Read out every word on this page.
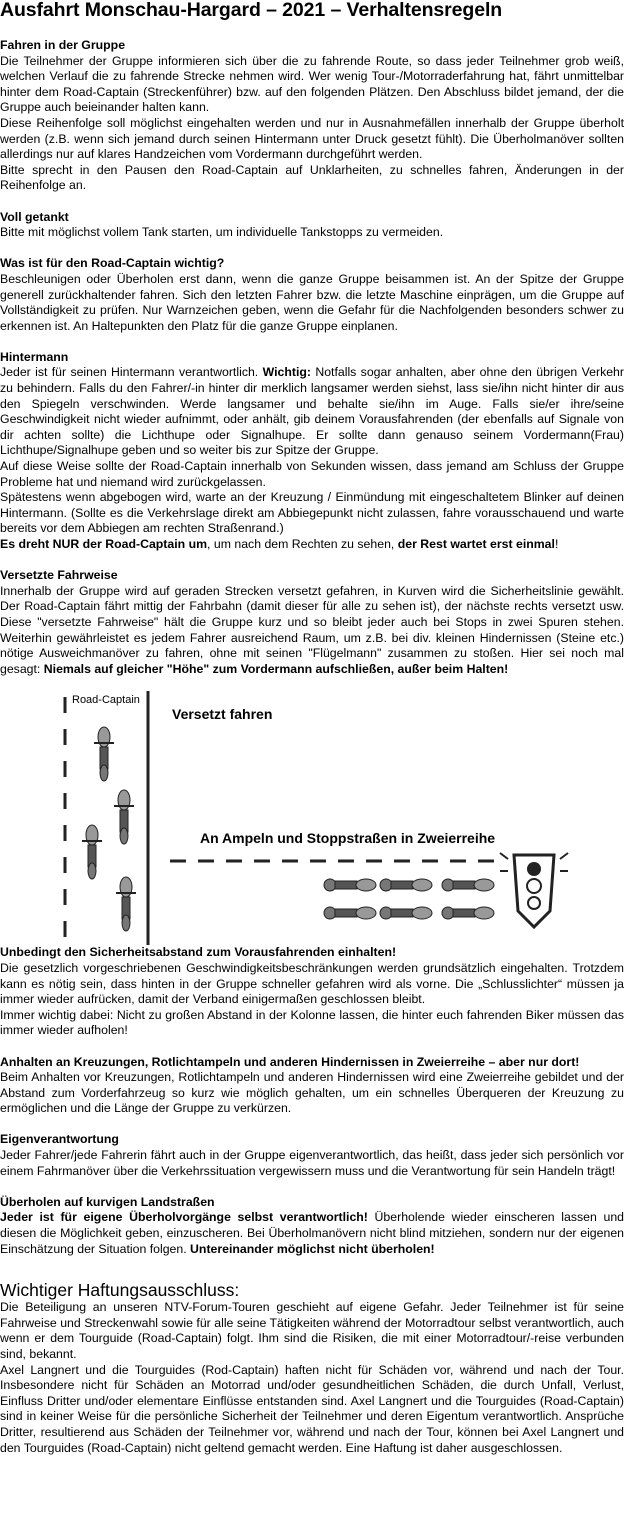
Ausfahrt Monschau-Hargard – 2021 – Verhaltensregeln
Fahren in der Gruppe

Die Teilnehmer der Gruppe informieren sich über die zu fahrende Route, so dass jeder Teilnehmer grob weiß, welchen Verlauf die zu fahrende Strecke nehmen wird. Wer wenig Tour-/Motorraderfahrung hat, fährt unmittelbar hinter dem Road-Captain (Streckenführer) bzw. auf den folgenden Plätzen. Den Abschluss bildet jemand, der die Gruppe auch beieinander halten kann.

Diese Reihenfolge soll möglichst eingehalten werden und nur in Ausnahmefällen innerhalb der Gruppe überholt werden (z.B. wenn sich jemand durch seinen Hintermann unter Druck gesetzt fühlt). Die Überholmanöver sollten allerdings nur auf klares Handzeichen vom Vordermann durchgeführt werden.

Bitte sprecht in den Pausen den Road-Captain auf Unklarheiten, zu schnelles fahren, Änderungen in der Reihenfolge an.

Voll getankt

Bitte mit möglichst vollem Tank starten, um individuelle Tankstopps zu vermeiden.

Was ist für den Road-Captain wichtig?

Beschleunigen oder Überholen erst dann, wenn die ganze Gruppe beisammen ist. An der Spitze der Gruppe generell zurückhaltender fahren. Sich den letzten Fahrer bzw. die letzte Maschine einprägen, um die Gruppe auf Vollständigkeit zu prüfen. Nur Warnzeichen geben, wenn die Gefahr für die Nachfolgenden besonders schwer zu erkennen ist. An Haltepunkten den Platz für die ganze Gruppe einplanen.

Hintermann

Jeder ist für seinen Hintermann verantwortlich. Wichtig: Notfalls sogar anhalten, aber ohne den übrigen Verkehr zu behindern. Falls du den Fahrer/-in hinter dir merklich langsamer werden siehst, lass sie/ihn nicht hinter dir aus den Spiegeln verschwinden. Werde langsamer und behalte sie/ihn im Auge. Falls sie/er ihre/seine Geschwindigkeit nicht wieder aufnimmt, oder anhält, gib deinem Vorausfahrenden (der ebenfalls auf Signale von dir achten sollte) die Lichthupe oder Signalhupe. Er sollte dann genauso seinem Vordermann(Frau) Lichthupe/Signalhupe geben und so weiter bis zur Spitze der Gruppe.

Auf diese Weise sollte der Road-Captain innerhalb von Sekunden wissen, dass jemand am Schluss der Gruppe Probleme hat und niemand wird zurückgelassen.

Spätestens wenn abgebogen wird, warte an der Kreuzung / Einmündung mit eingeschaltetem Blinker auf deinen Hintermann. (Sollte es die Verkehrslage direkt am Abbiegepunkt nicht zulassen, fahre vorausschauend und warte bereits vor dem Abbiegen am rechten Straßenrand.)

Es dreht NUR der Road-Captain um, um nach dem Rechten zu sehen, der Rest wartet erst einmal!

Versetzte Fahrweise

Innerhalb der Gruppe wird auf geraden Strecken versetzt gefahren, in Kurven wird die Sicherheitslinie gewählt. Der Road-Captain fährt mittig der Fahrbahn (damit dieser für alle zu sehen ist), der nächste rechts versetzt usw. Diese "versetzte Fahrweise" hält die Gruppe kurz und so bleibt jeder auch bei Stops in zwei Spuren stehen. Weiterhin gewährleistet es jedem Fahrer ausreichend Raum, um z.B. bei div. kleinen Hindernissen (Steine etc.) nötige Ausweichmanöver zu fahren, ohne mit seinen "Flügelmann" zusammen zu stoßen. Hier sei noch mal gesagt: Niemals auf gleicher "Höhe" zum Vordermann aufschließen, außer beim Halten!

Road-Captain
Versetzt fahren
An Ampeln und Stoppstraßen in Zweierreihe
Unbedingt den Sicherheitsabstand zum Vorausfahrenden einhalten!

Die gesetzlich vorgeschriebenen Geschwindigkeitsbeschränkungen werden grundsätzlich eingehalten. Trotzdem kann es nötig sein, dass hinten in der Gruppe schneller gefahren wird als vorne. Die „Schlusslichter“ müssen ja immer wieder aufrücken, damit der Verband einigermaßen geschlossen bleibt.

Immer wichtig dabei: Nicht zu großen Abstand in der Kolonne lassen, die hinter euch fahrenden Biker müssen das immer wieder aufholen!

Anhalten an Kreuzungen, Rotlichtampeln und anderen Hindernissen in Zweierreihe – aber nur dort!

Beim Anhalten vor Kreuzungen, Rotlichtampeln und anderen Hindernissen wird eine Zweierreihe gebildet und der Abstand zum Vorderfahrzeug so kurz wie möglich gehalten, um ein schnelles Überqueren der Kreuzung zu ermöglichen und die Länge der Gruppe zu verkürzen.

Eigenverantwortung

Jeder Fahrer/jede Fahrerin fährt auch in der Gruppe eigenverantwortlich, das heißt, dass jeder sich persönlich vor einem Fahrmanöver über die Verkehrssituation vergewissern muss und die Verantwortung für sein Handeln trägt!

Überholen auf kurvigen Landstraßen

Jeder ist für eigene Überholvorgänge selbst verantwortlich! Überholende wieder einscheren lassen und diesen die Möglichkeit geben, einzuscheren. Bei Überholmanövern nicht blind mitziehen, sondern nur der eigenen Einschätzung der Situation folgen. Untereinander möglichst nicht überholen!

Wichtiger Haftungsausschluss:

Die Beteiligung an unseren NTV-Forum-Touren geschieht auf eigene Gefahr. Jeder Teilnehmer ist für seine Fahrweise und Streckenwahl sowie für alle seine Tätigkeiten während der Motorradtour selbst verantwortlich, auch wenn er dem Tourguide (Road-Captain) folgt. Ihm sind die Risiken, die mit einer Motorradtour/-reise verbunden sind, bekannt.

Axel Langnert und die Tourguides (Rod-Captain) haften nicht für Schäden vor, während und nach der Tour. Insbesondere nicht für Schäden an Motorrad und/oder gesundheitlichen Schäden, die durch Unfall, Verlust, Einfluss Dritter und/oder elementare Einflüsse entstanden sind. Axel Langnert und die Tourguides (Road-Captain) sind in keiner Weise für die persönliche Sicherheit der Teilnehmer und deren Eigentum verantwortlich. Ansprüche Dritter, resultierend aus Schäden der Teilnehmer vor, während und nach der Tour, können bei Axel Langnert und den Tourguides (Road-Captain) nicht geltend gemacht werden. Eine Haftung ist daher ausgeschlossen.
